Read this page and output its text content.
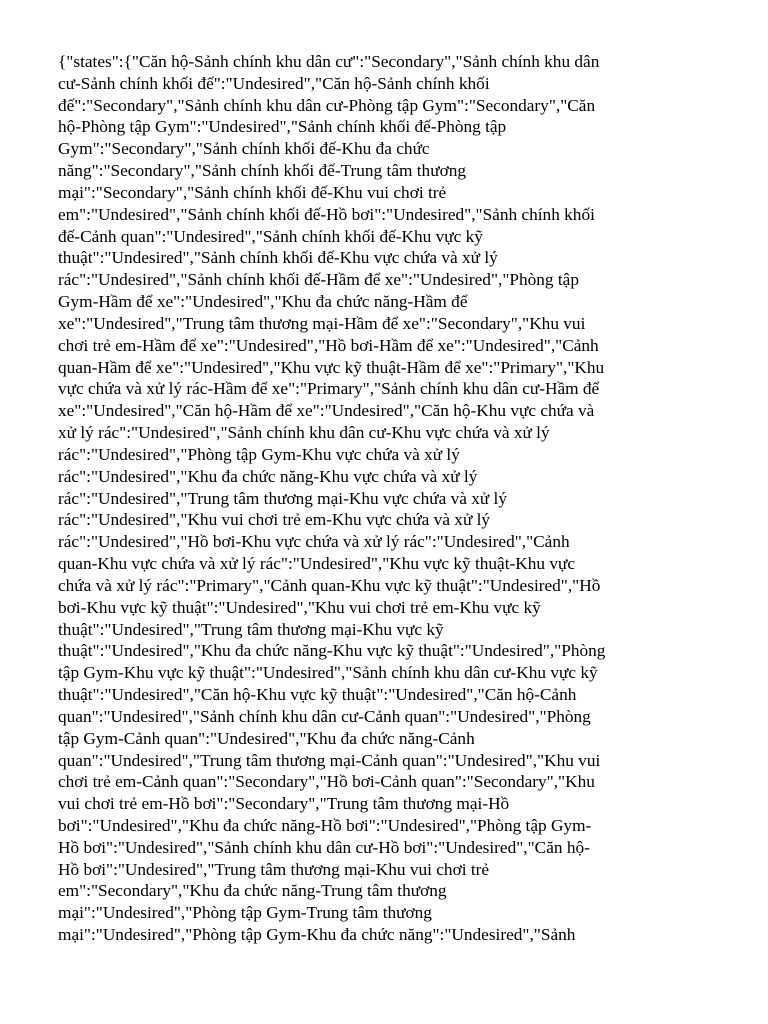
{"states":{"Căn hộ-Sảnh chính khu dân cư":"Secondary","Sảnh chính khu dân
cư-Sảnh chính khối đế":"Undesired","Căn hộ-Sảnh chính khối
đế":"Secondary","Sảnh chính khu dân cư-Phòng tập Gym":"Secondary","Căn
hộ-Phòng tập Gym":"Undesired","Sảnh chính khối đế-Phòng tập
Gym":"Secondary","Sảnh chính khối đế-Khu đa chức
năng":"Secondary","Sảnh chính khối đế-Trung tâm thương
mại":"Secondary","Sảnh chính khối đế-Khu vui chơi trẻ
em":"Undesired","Sảnh chính khối đế-Hồ bơi":"Undesired","Sảnh chính khối
đế-Cảnh quan":"Undesired","Sảnh chính khối đế-Khu vực kỹ
thuật":"Undesired","Sảnh chính khối đế-Khu vực chứa và xử lý
rác":"Undesired","Sảnh chính khối đế-Hầm để xe":"Undesired","Phòng tập
Gym-Hầm để xe":"Undesired","Khu đa chức năng-Hầm để
xe":"Undesired","Trung tâm thương mại-Hầm để xe":"Secondary","Khu vui
chơi trẻ em-Hầm để xe":"Undesired","Hồ bơi-Hầm để xe":"Undesired","Cảnh
quan-Hầm để xe":"Undesired","Khu vực kỹ thuật-Hầm để xe":"Primary","Khu
vực chứa và xử lý rác-Hầm để xe":"Primary","Sảnh chính khu dân cư-Hầm để
xe":"Undesired","Căn hộ-Hầm để xe":"Undesired","Căn hộ-Khu vực chứa và
xử lý rác":"Undesired","Sảnh chính khu dân cư-Khu vực chứa và xử lý
rác":"Undesired","Phòng tập Gym-Khu vực chứa và xử lý
rác":"Undesired","Khu đa chức năng-Khu vực chứa và xử lý
rác":"Undesired","Trung tâm thương mại-Khu vực chứa và xử lý
rác":"Undesired","Khu vui chơi trẻ em-Khu vực chứa và xử lý
rác":"Undesired","Hồ bơi-Khu vực chứa và xử lý rác":"Undesired","Cảnh
quan-Khu vực chứa và xử lý rác":"Undesired","Khu vực kỹ thuật-Khu vực
chứa và xử lý rác":"Primary","Cảnh quan-Khu vực kỹ thuật":"Undesired","Hồ
bơi-Khu vực kỹ thuật":"Undesired","Khu vui chơi trẻ em-Khu vực kỹ
thuật":"Undesired","Trung tâm thương mại-Khu vực kỹ
thuật":"Undesired","Khu đa chức năng-Khu vực kỹ thuật":"Undesired","Phòng
tập Gym-Khu vực kỹ thuật":"Undesired","Sảnh chính khu dân cư-Khu vực kỹ
thuật":"Undesired","Căn hộ-Khu vực kỹ thuật":"Undesired","Căn hộ-Cảnh
quan":"Undesired","Sảnh chính khu dân cư-Cảnh quan":"Undesired","Phòng
tập Gym-Cảnh quan":"Undesired","Khu đa chức năng-Cảnh
quan":"Undesired","Trung tâm thương mại-Cảnh quan":"Undesired","Khu vui
chơi trẻ em-Cảnh quan":"Secondary","Hồ bơi-Cảnh quan":"Secondary","Khu
vui chơi trẻ em-Hồ bơi":"Secondary","Trung tâm thương mại-Hồ
bơi":"Undesired","Khu đa chức năng-Hồ bơi":"Undesired","Phòng tập Gym-
Hồ bơi":"Undesired","Sảnh chính khu dân cư-Hồ bơi":"Undesired","Căn hộ-
Hồ bơi":"Undesired","Trung tâm thương mại-Khu vui chơi trẻ
em":"Secondary","Khu đa chức năng-Trung tâm thương
mại":"Undesired","Phòng tập Gym-Trung tâm thương
mại":"Undesired","Phòng tập Gym-Khu đa chức năng":"Undesired","Sảnh
